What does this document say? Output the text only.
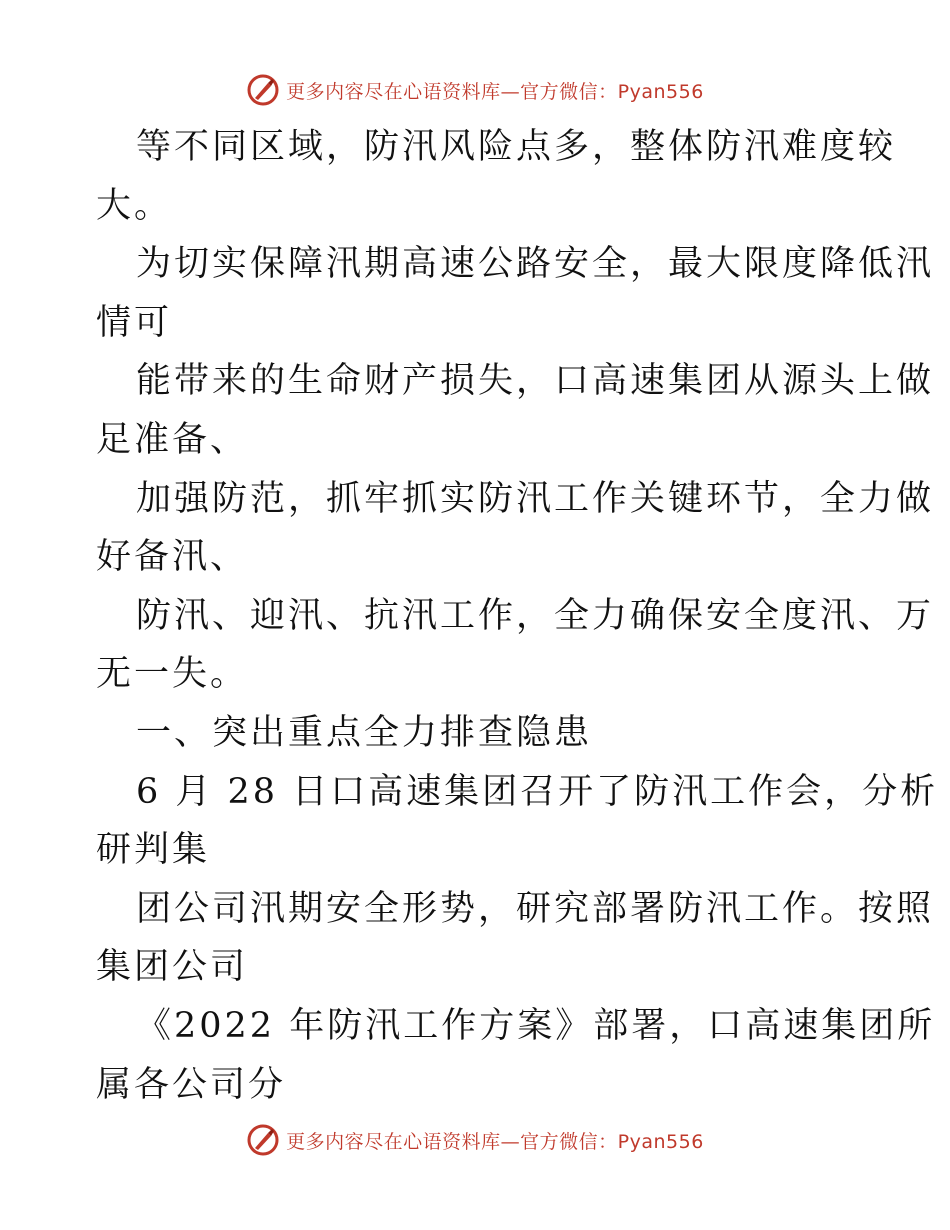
更多内容尽在心语资料库—官方微信：Pyan556
等不同区域，防汛风险点多，整体防汛难度较
大。
为切实保障汛期高速公路安全，最大限度降低汛
情可
能带来的生命财产损失，口高速集团从源头上做
足准备、
加强防范，抓牢抓实防汛工作关键环节，全力做
好备汛、
防汛、迎汛、抗汛工作，全力确保安全度汛、万
无一失。
一、突出重点全力排查隐患
6 月 28 日口高速集团召开了防汛工作会，分析
研判集
团公司汛期安全形势，研究部署防汛工作。按照
集团公司
《2022 年防汛工作方案》部署，口高速集团所
属各公司分
更多内容尽在心语资料库—官方微信：Pyan556
